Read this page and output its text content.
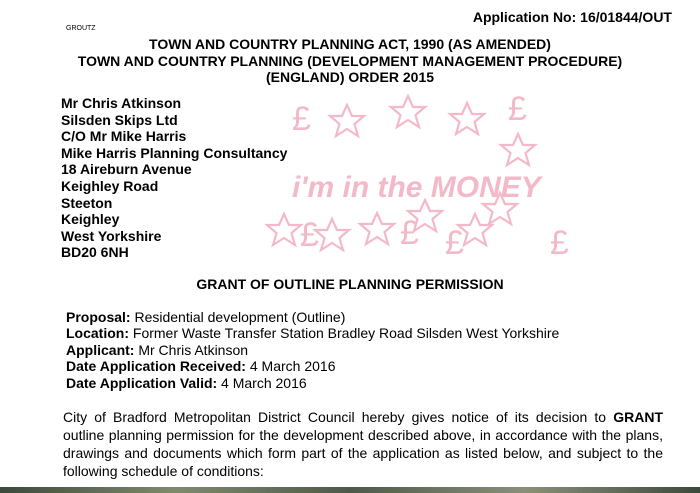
Application No: 16/01844/OUT
GROUTZ
TOWN AND COUNTRY PLANNING ACT, 1990 (AS AMENDED)
TOWN AND COUNTRY PLANNING (DEVELOPMENT MANAGEMENT PROCEDURE)
(ENGLAND) ORDER 2015
Mr Chris Atkinson
Silsden Skips Ltd
C/O Mr Mike Harris
Mike Harris Planning Consultancy
18 Aireburn Avenue
Keighley Road
Steeton
Keighley
West Yorkshire
BD20 6NH
£	£
£ £ £	£
i'm in the MONEY
GRANT OF OUTLINE PLANNING PERMISSION
Proposal: Residential development (Outline)
Location: Former Waste Transfer Station Bradley Road Silsden West Yorkshire
Applicant: Mr Chris Atkinson
Date Application Received: 4 March 2016
Date Application Valid: 4 March 2016
City of Bradford Metropolitan District Council hereby gives notice of its decision to GRANT outline planning permission for the development described above, in accordance with the plans, drawings and documents which form part of the application as listed below, and subject to the following schedule of conditions:
